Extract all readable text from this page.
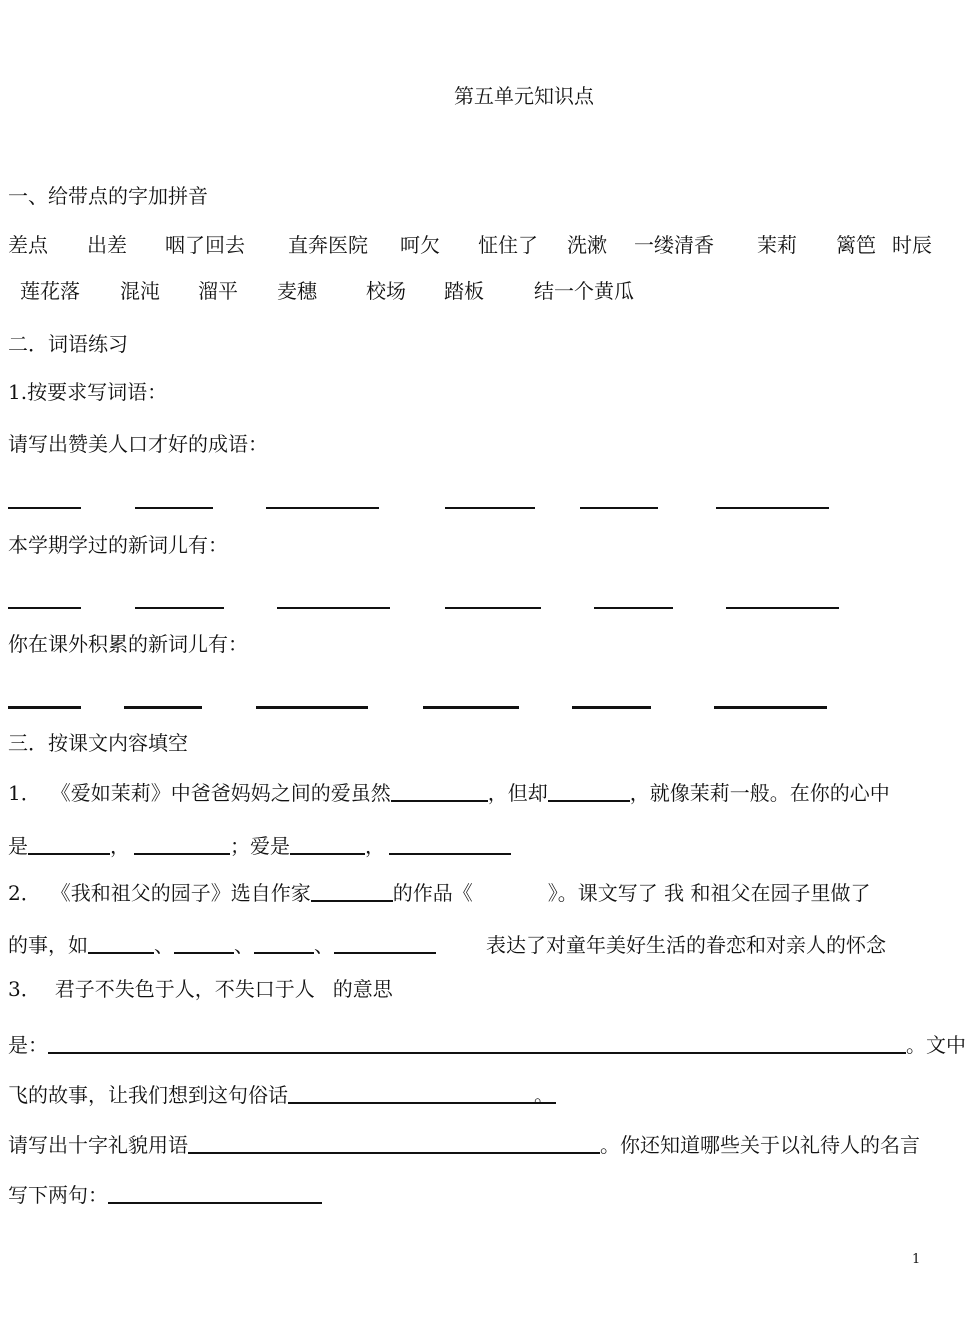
第五单元知识点
一、给带点的字加拼音
差点 出差 咽了回去 直奔医院 呵欠 怔住了 洗漱 一缕清香 茉莉 篱笆 时辰
莲花落 混沌 溜平 麦穗 校场 踏板	结一个黄瓜
二．词语练习
1.按要求写词语：
请写出赞美人口才好的成语：
本学期学过的新词儿有：
你在课外积累的新词儿有：
三．按课文内容填空
1． 《爱如茉莉》中爸爸妈妈之间的爱虽然	，但却	，就像茉莉一般。在你的心中
是	，	；爱是	，
2． 《我和祖父的园子》选自作家	的作品《	》。课文写了 我 和祖父在园子里做了
的事，如	、	、	、	表达了对童年美好生活的眷恋和对亲人的怀念
3． 君子不失色于人，不失口于人 的意思
是：	。文中
飞的故事，让我们想到这句俗话	。
请写出十字礼貌用语	。你还知道哪些关于以礼待人的名言
写下两句：
1
